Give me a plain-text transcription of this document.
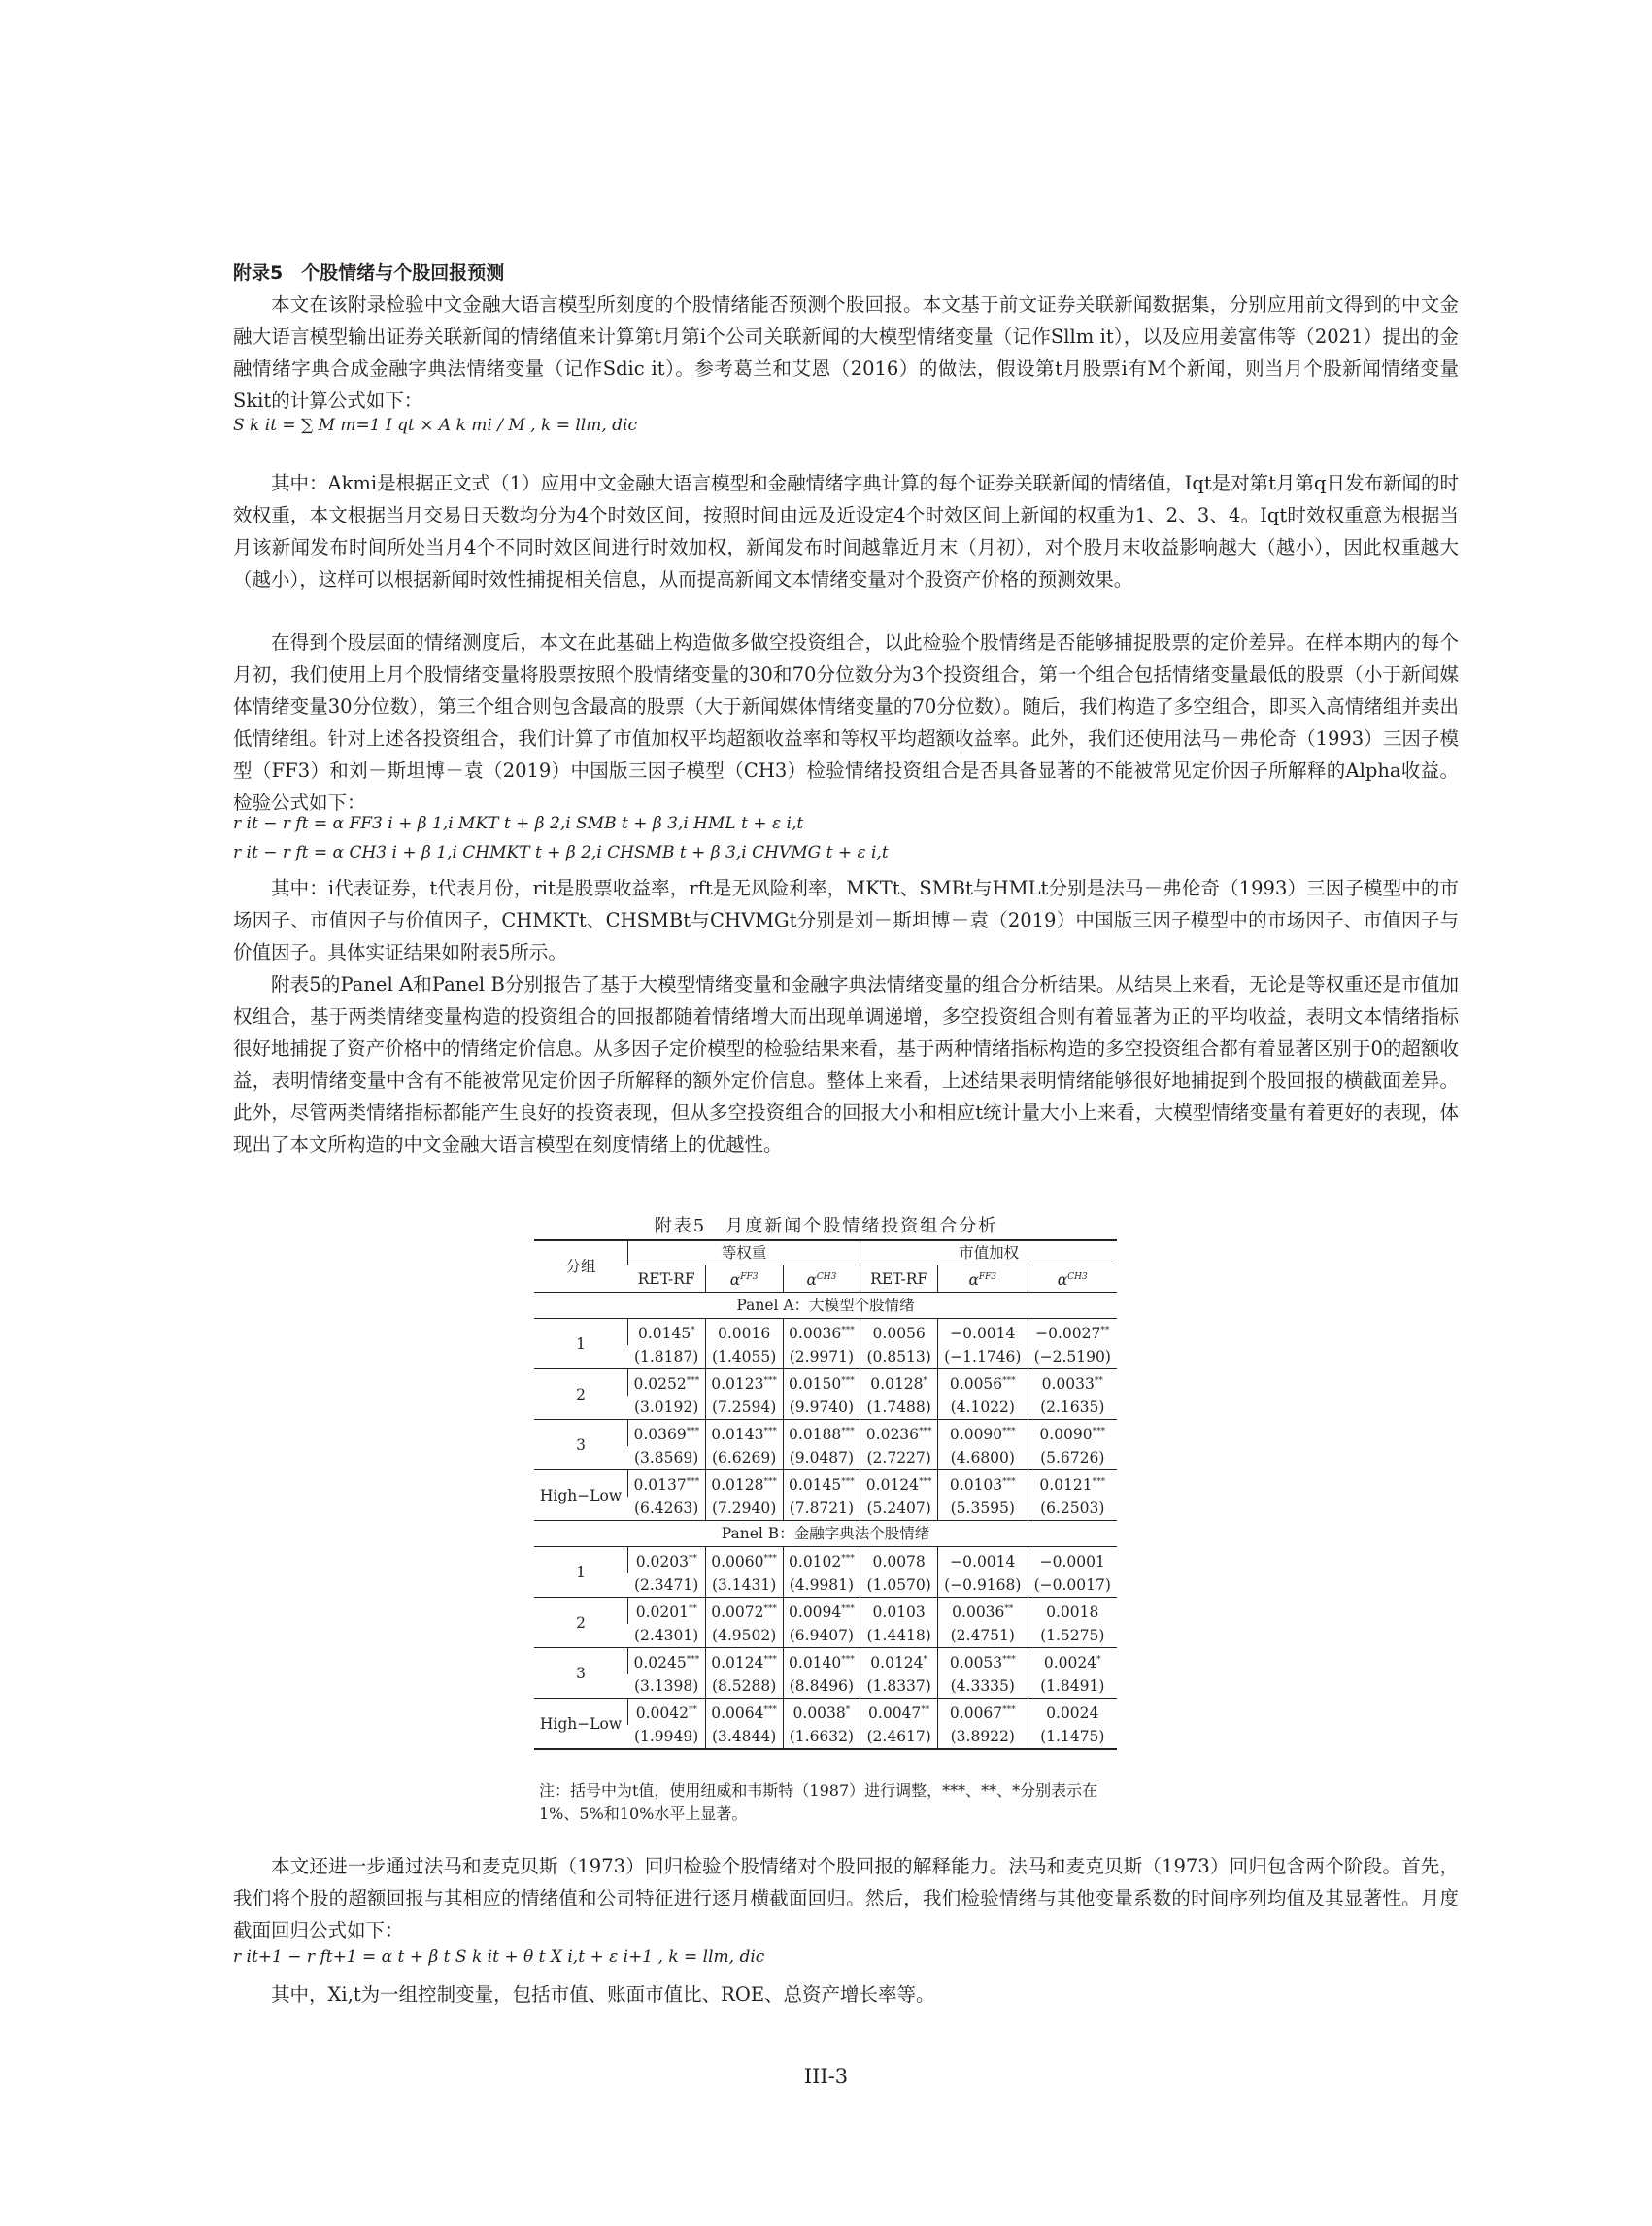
附录5　个股情绪与个股回报预测

本文在该附录检验中文金融大语言模型所刻度的个股情绪能否预测个股回报。本文基于前文证券关联新闻数据集，分别应用前文得到的中文金融大语言模型输出证券关联新闻的情绪值来计算第t月第i个公司关联新闻的大模型情绪变量（记作Sllm it），以及应用姜富伟等（2021）提出的金融情绪字典合成金融字典法情绪变量（记作Sdic it）。参考葛兰和艾恩（2016）的做法，假设第t月股票i有M个新闻，则当月个股新闻情绪变量Skit的计算公式如下：

S k it = ∑ M m=1 I qt × A k mi / M , k = llm, dic

其中：Akmi是根据正文式（1）应用中文金融大语言模型和金融情绪字典计算的每个证券关联新闻的情绪值，Iqt是对第t月第q日发布新闻的时效权重，本文根据当月交易日天数均分为4个时效区间，按照时间由远及近设定4个时效区间上新闻的权重为1、2、3、4。Iqt时效权重意为根据当月该新闻发布时间所处当月4个不同时效区间进行时效加权，新闻发布时间越靠近月末（月初），对个股月末收益影响越大（越小），因此权重越大（越小），这样可以根据新闻时效性捕捉相关信息，从而提高新闻文本情绪变量对个股资产价格的预测效果。

在得到个股层面的情绪测度后，本文在此基础上构造做多做空投资组合，以此检验个股情绪是否能够捕捉股票的定价差异。在样本期内的每个月初，我们使用上月个股情绪变量将股票按照个股情绪变量的30和70分位数分为3个投资组合，第一个组合包括情绪变量最低的股票（小于新闻媒体情绪变量30分位数），第三个组合则包含最高的股票（大于新闻媒体情绪变量的70分位数）。随后，我们构造了多空组合，即买入高情绪组并卖出低情绪组。针对上述各投资组合，我们计算了市值加权平均超额收益率和等权平均超额收益率。此外，我们还使用法马－弗伦奇（1993）三因子模型（FF3）和刘－斯坦博－袁（2019）中国版三因子模型（CH3）检验情绪投资组合是否具备显著的不能被常见定价因子所解释的Alpha收益。检验公式如下：

r it − r ft = α FF3 i + β 1,i MKT t + β 2,i SMB t + β 3,i HML t + ε i,t
r it − r ft = α CH3 i + β 1,i CHMKT t + β 2,i CHSMB t + β 3,i CHVMG t + ε i,t

其中：i代表证券，t代表月份，rit是股票收益率，rft是无风险利率，MKTt、SMBt与HMLt分别是法马－弗伦奇（1993）三因子模型中的市场因子、市值因子与价值因子，CHMKTt、CHSMBt与CHVMGt分别是刘－斯坦博－袁（2019）中国版三因子模型中的市场因子、市值因子与价值因子。具体实证结果如附表5所示。

附表5的Panel A和Panel B分别报告了基于大模型情绪变量和金融字典法情绪变量的组合分析结果。从结果上来看，无论是等权重还是市值加权组合，基于两类情绪变量构造的投资组合的回报都随着情绪增大而出现单调递增，多空投资组合则有着显著为正的平均收益，表明文本情绪指标很好地捕捉了资产价格中的情绪定价信息。从多因子定价模型的检验结果来看，基于两种情绪指标构造的多空投资组合都有着显著区别于0的超额收益，表明情绪变量中含有不能被常见定价因子所解释的额外定价信息。整体上来看，上述结果表明情绪能够很好地捕捉到个股回报的横截面差异。此外，尽管两类情绪指标都能产生良好的投资表现，但从多空投资组合的回报大小和相应t统计量大小上来看，大模型情绪变量有着更好的表现，体现出了本文所构造的中文金融大语言模型在刻度情绪上的优越性。

附表5　月度新闻个股情绪投资组合分析
分组	等权重			市值加权		
	RET-RF	$\alpha^{FF3}$	$\alpha^{CH3}$	RET-RF	$\alpha^{FF3}$	$\alpha^{CH3}$
Panel A：大模型个股情绪						
1	0.0145*	0.0016	0.0036***	0.0056	−0.0014	−0.0027**
	(1.8187)	(1.4055)	(2.9971)	(0.8513)	(−1.1746)	(−2.5190)
2	0.0252***	0.0123***	0.0150***	0.0128*	0.0056***	0.0033**
	(3.0192)	(7.2594)	(9.9740)	(1.7488)	(4.1022)	(2.1635)
3	0.0369***	0.0143***	0.0188***	0.0236***	0.0090***	0.0090***
	(3.8569)	(6.6269)	(9.0487)	(2.7227)	(4.6800)	(5.6726)
High−Low	0.0137***	0.0128***	0.0145***	0.0124***	0.0103***	0.0121***
	(6.4263)	(7.2940)	(7.8721)	(5.2407)	(5.3595)	(6.2503)
Panel B：金融字典法个股情绪						
1	0.0203**	0.0060***	0.0102***	0.0078	−0.0014	−0.0001
	(2.3471)	(3.1431)	(4.9981)	(1.0570)	(−0.9168)	(−0.0017)
2	0.0201**	0.0072***	0.0094***	0.0103	0.0036**	0.0018
	(2.4301)	(4.9502)	(6.9407)	(1.4418)	(2.4751)	(1.5275)
3	0.0245***	0.0124***	0.0140***	0.0124*	0.0053***	0.0024*
	(3.1398)	(8.5288)	(8.8496)	(1.8337)	(4.3335)	(1.8491)
High−Low	0.0042**	0.0064***	0.0038*	0.0047**	0.0067***	0.0024
	(1.9949)	(3.4844)	(1.6632)	(2.4617)	(3.8922)	(1.1475)
注：括号中为t值，使用纽威和韦斯特（1987）进行调整，***、**、*分别表示在1%、5%和10%水平上显著。

本文还进一步通过法马和麦克贝斯（1973）回归检验个股情绪对个股回报的解释能力。法马和麦克贝斯（1973）回归包含两个阶段。首先，我们将个股的超额回报与其相应的情绪值和公司特征进行逐月横截面回归。然后，我们检验情绪与其他变量系数的时间序列均值及其显著性。月度截面回归公式如下：

r it+1 − r ft+1 = α t + β t S k it + θ t X i,t + ε i+1 , k = llm, dic

其中，Xi,t为一组控制变量，包括市值、账面市值比、ROE、总资产增长率等。

III-3
